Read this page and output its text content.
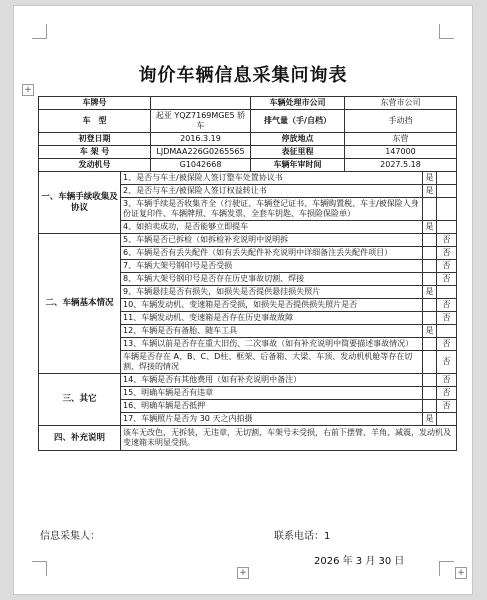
+
+	+
询价车辆信息采集问询表
车牌号			车辆处理市公司	东营市公司		
车　型		起亚 YQZ7169MGE5 轿车	排气量（手/自档）	手动挡		
初登日期		2016.3.19	停放地点	东营		
车 架 号		LJDMAA226G0265565	表征里程	147000		
发动机号		G1042668	车辆年审时间	2027.5.18		
一、车辆手续收集及协议	1、是否与车主/被保险人签订整车处置协议书				是	
	2、是否与车主/被保险人签订权益转让书				是	
	3、车辆手续是否收集齐全（行驶证、车辆登记证书、车辆购置税、车主/被保险人身份证复印件、车辆牌照、车辆发票、全套车钥匙、车损险保险单）					
	4、如拍卖成功，是否能够立即提车				是	
二、车辆基本情况	5、车辆是否已拆检（如拆检补充说明中说明拆					否
	6、车辆是否有丢失配件（如有丢失配件补充说明中详细备注丢失配件项目）					否
	7、车辆大架号钢印号是否受损					否
	8、车辆大架号钢印号是否存在历史事故切割、焊接					否
	9、车辆悬挂是否有损失，如损失是否提供悬挂损失照片				是	
	10、车辆发动机、变速箱是否受损，如损失是否提供损失照片是否					否
	11、车辆发动机、变速箱是否存在历史事故故障					否
	12、车辆是否有备胎、随车工具				是	
	13、车辆以前是否存在重大旧伤、二次事故（如有补充说明中简要描述事故情况）					否
	车辆是否存在 A、B、C、D柱、框架、后备箱、大梁、车顶、发动机机舱等存在切割、焊接的情况					否
三、其它	14、车辆是否有其他费用（如有补充说明中备注）					否
	15、明确车辆是否有违章					否
	16、明确车辆是否抵押					否
	17、车辆照片是否为 30 天之内拍摄				是	
四、补充说明	该车无改色，无拆装，无违章，无切割，车架号未受损，右前下摆臂、羊角、减震，发动机及变速箱未明显受损。					
信息采集人：	联系电话：1
2026 年 3 月 30 日
